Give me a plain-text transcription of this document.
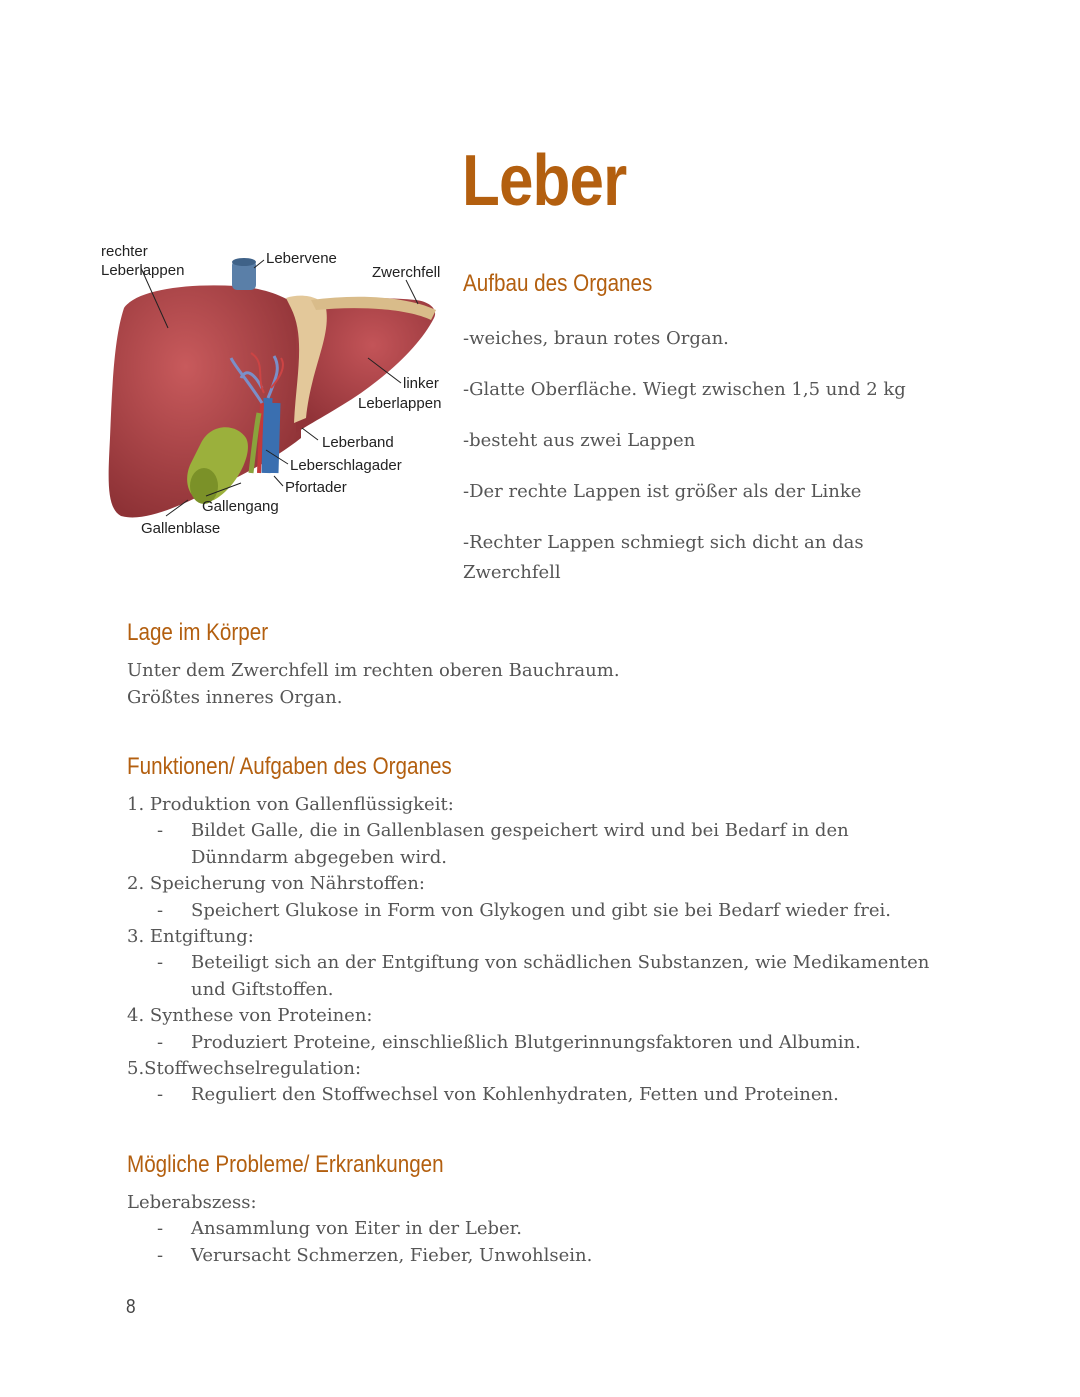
Leber
rechter
Leberlappen
Lebervene
Zwerchfell
linker
Leberlappen
Leberband
Leberschlagader
Pfortader
Gallengang
Gallenblase
Aufbau des Organes

-weiches, braun rotes Organ.

-Glatte Oberfläche. Wiegt zwischen 1,5 und 2 kg

-besteht aus zwei Lappen

-Der rechte Lappen ist größer als der Linke

-Rechter Lappen schmiegt sich dicht an das Zwerchfell

Lage im Körper
Unter dem Zwerchfell im rechten oberen Bauchraum.
Größtes inneres Organ.
Funktionen/ Aufgaben des Organes
1. Produktion von Gallenflüssigkeit:
-	Bildet Galle, die in Gallenblasen gespeichert wird und bei Bedarf in den Dünndarm abgegeben wird.
2. Speicherung von Nährstoffen:
-	Speichert Glukose in Form von Glykogen und gibt sie bei Bedarf wieder frei.
3. Entgiftung:
-	Beteiligt sich an der Entgiftung von schädlichen Substanzen, wie Medikamenten und Giftstoffen.
4. Synthese von Proteinen:
-	Produziert Proteine, einschließlich Blutgerinnungsfaktoren und Albumin.
5.Stoffwechselregulation:
-	Reguliert den Stoffwechsel von Kohlenhydraten, Fetten und Proteinen.
Mögliche Probleme/ Erkrankungen
Leberabszess:
-	Ansammlung von Eiter in der Leber.
-	Verursacht Schmerzen, Fieber, Unwohlsein.
8
